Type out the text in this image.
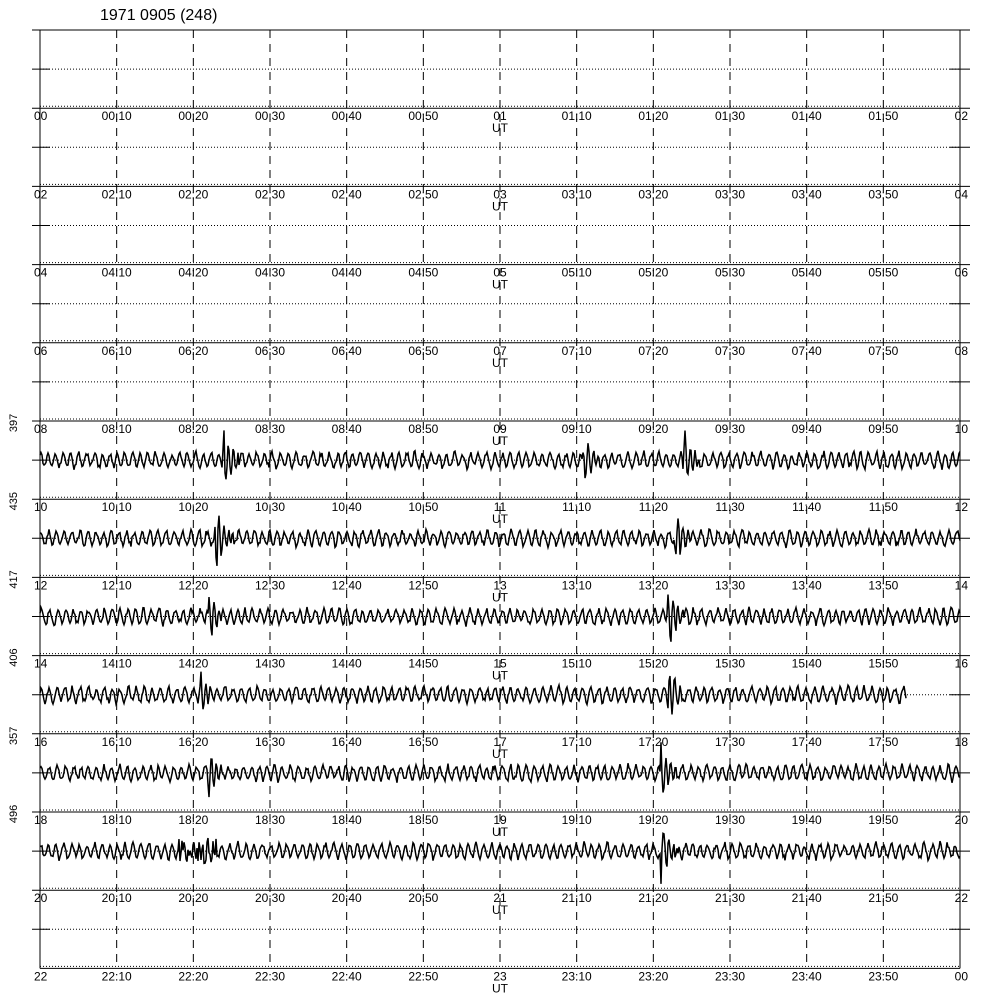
1971 0905 (248)
00	00:10	00:20	00:30	00:40	00:50	01	01:10	01:20	01:30	01:40	01:50	02
UT
02	02:10	02:20	02:30	02:40	02:50	03	03:10	03:20	03:30	03:40	03:50	04
UT
04	04:10	04:20	04:30	04:40	04:50	05	05:10	05:20	05:30	05:40	05:50	06
UT
06	06:10	06:20	06:30	06:40	06:50	07	07:10	07:20	07:30	07:40	07:50	08
UT
08	08:10	08:20	08:30	08:40	08:50	09	09:10	09:20	09:30	09:40	09:50	10
UT
10	10:10	10:20	10:30	10:40	10:50	11	11:10	11:20	11:30	11:40	11:50	12
UT
397
12	12:10	12:20	12:30	12:40	12:50	13	13:10	13:20	13:30	13:40	13:50	14
UT
435
14	14:10	14:20	14:30	14:40	14:50	15	15:10	15:20	15:30	15:40	15:50	16
UT
417
16	16:10	16:20	16:30	16:40	16:50	17	17:10	17:20	17:30	17:40	17:50	18
UT
406
18	18:10	18:20	18:30	18:40	18:50	19	19:10	19:20	19:30	19:40	19:50	20
UT
357
20	20:10	20:20	20:30	20:40	20:50	21	21:10	21:20	21:30	21:40	21:50	22
UT
496
22	22:10	22:20	22:30	22:40	22:50	23	23:10	23:20	23:30	23:40	23:50	00
UT
